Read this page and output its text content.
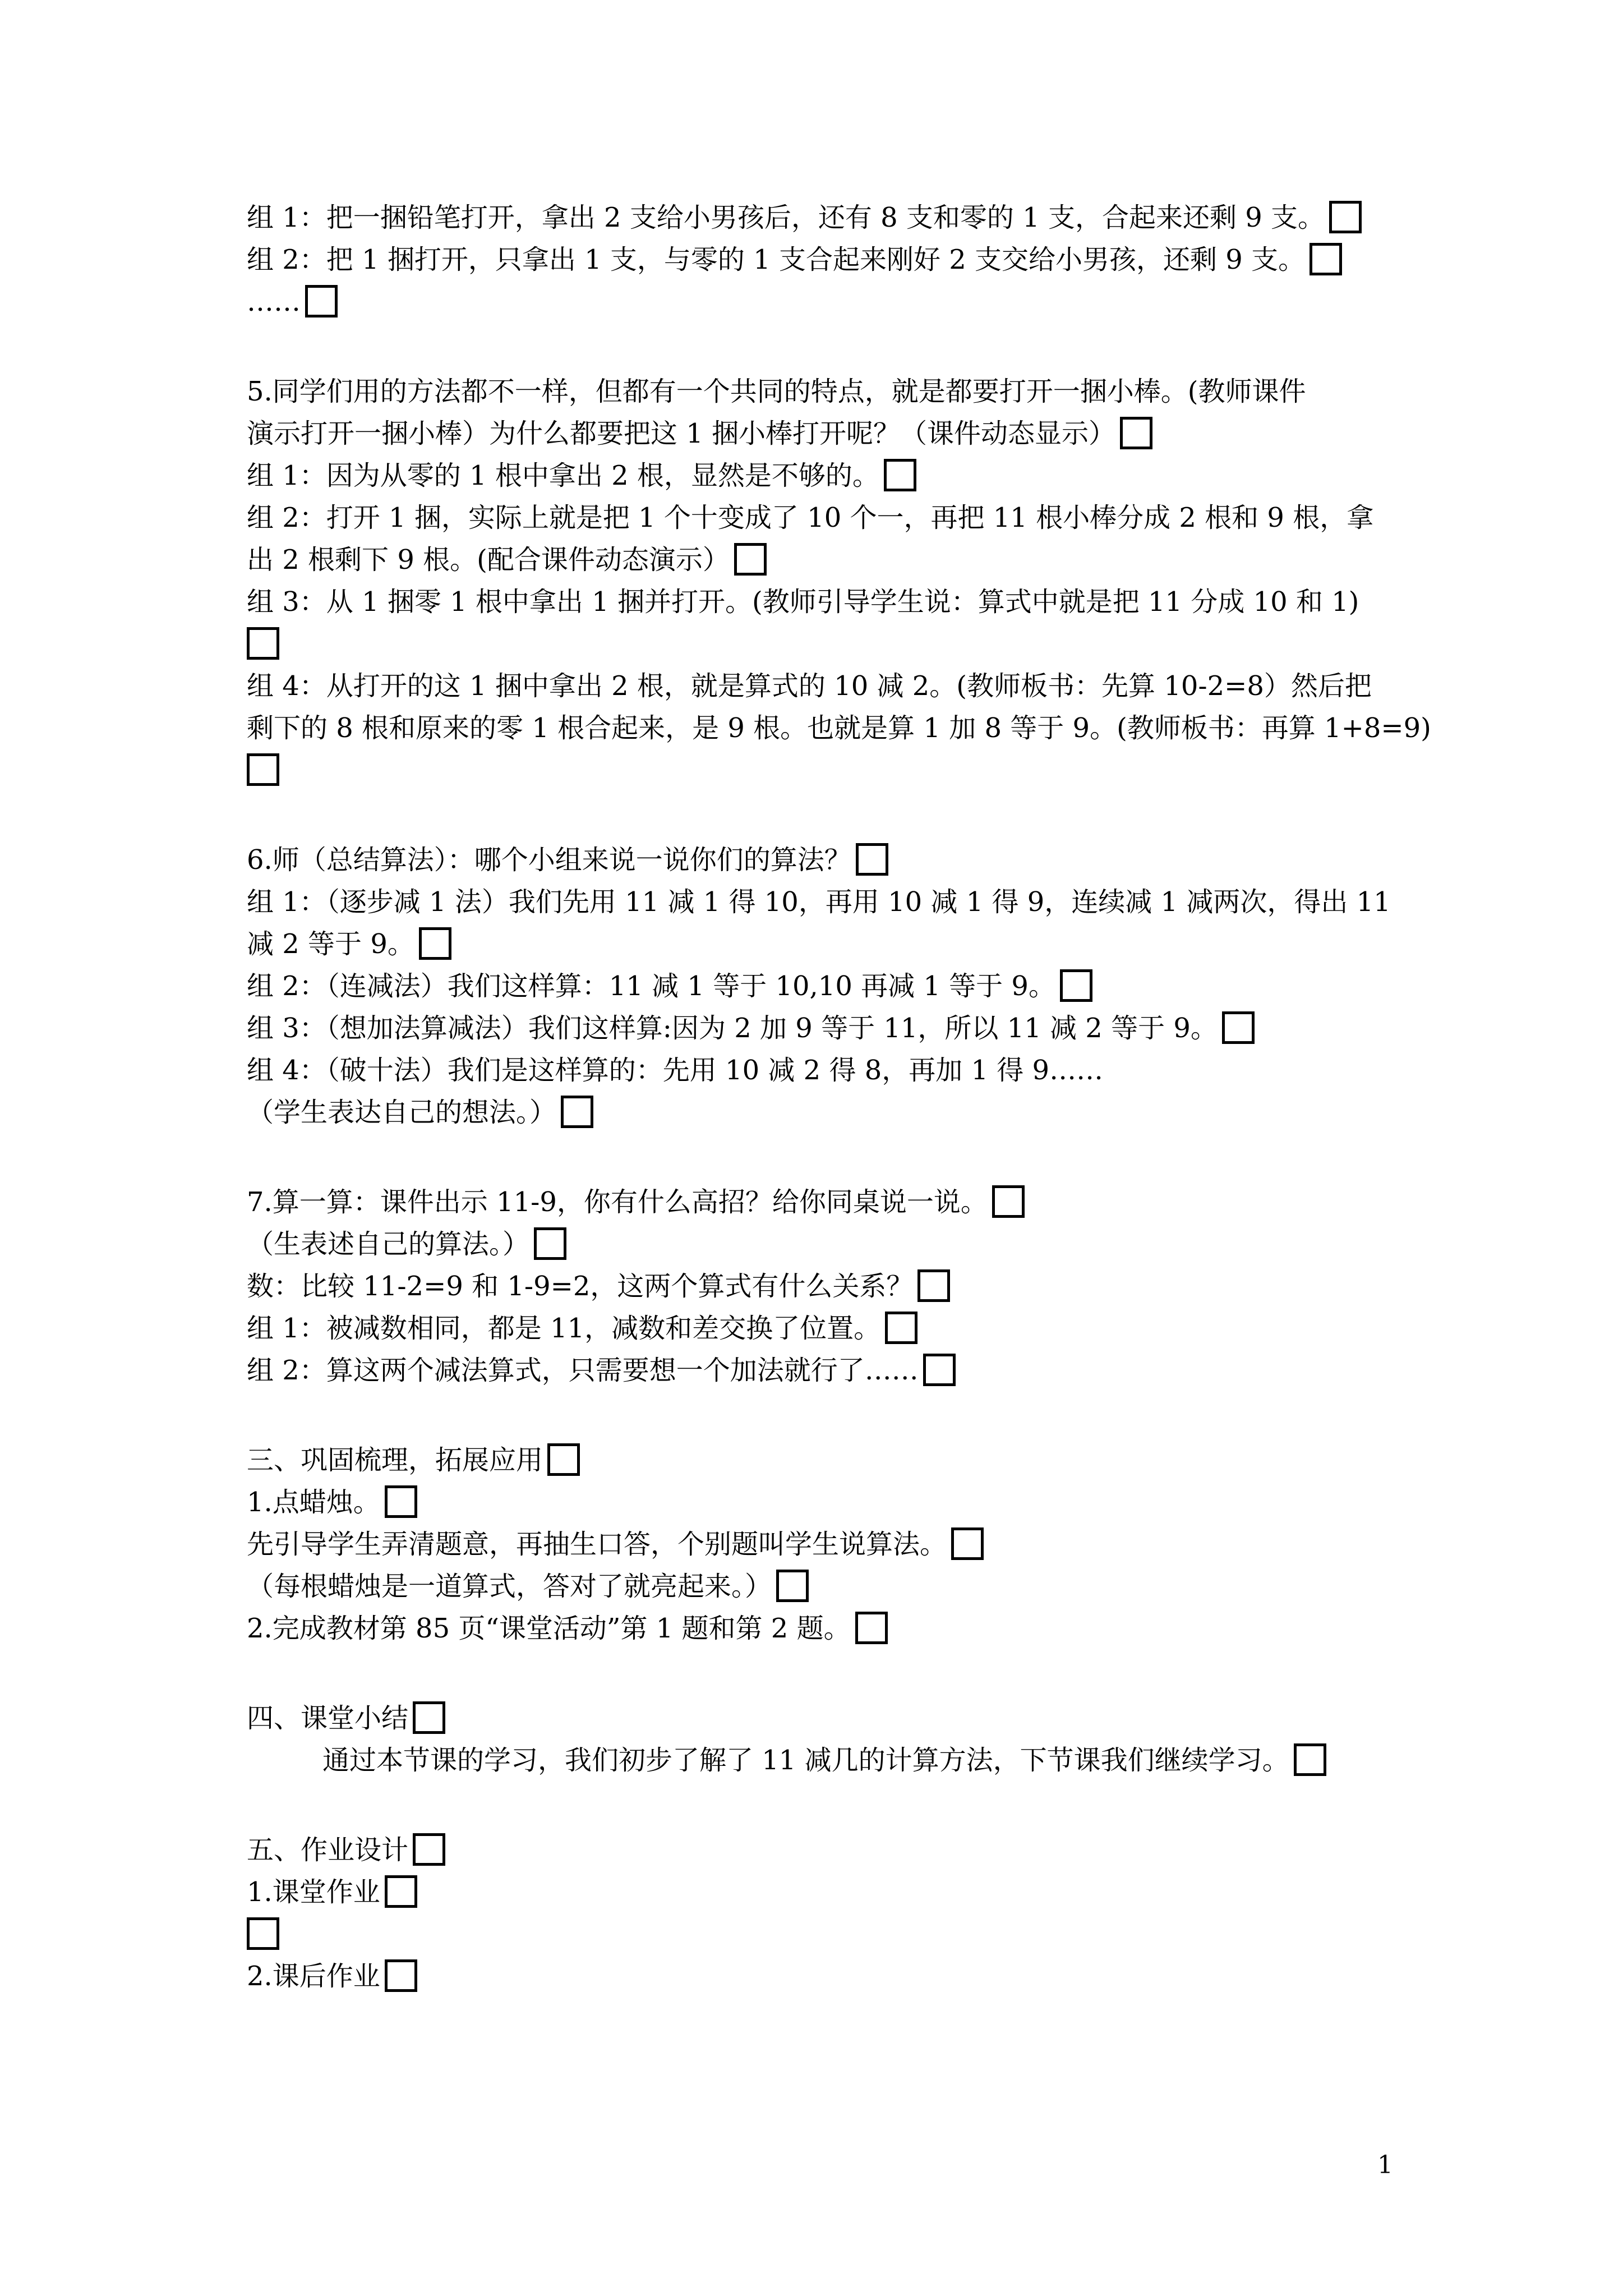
组 1：把一捆铅笔打开，拿出 2 支给小男孩后，还有 8 支和零的 1 支，合起来还剩 9 支。
组 2：把 1 捆打开，只拿出 1 支，与零的 1 支合起来刚好 2 支交给小男孩，还剩 9 支。
……
5.同学们用的方法都不一样，但都有一个共同的特点，就是都要打开一捆小棒。(教师课件
演示打开一捆小棒）为什么都要把这 1 捆小棒打开呢？（课件动态显示）
组 1：因为从零的 1 根中拿出 2 根，显然是不够的。
组 2：打开 1 捆，实际上就是把 1 个十变成了 10 个一，再把 11 根小棒分成 2 根和 9 根，拿
出 2 根剩下 9 根。(配合课件动态演示）
组 3：从 1 捆零 1 根中拿出 1 捆并打开。(教师引导学生说：算式中就是把 11 分成 10 和 1)
组 4：从打开的这 1 捆中拿出 2 根，就是算式的 10 减 2。(教师板书：先算 10-2=8）然后把
剩下的 8 根和原来的零 1 根合起来，是 9 根。也就是算 1 加 8 等于 9。(教师板书：再算 1+8=9)
6.师（总结算法）：哪个小组来说一说你们的算法？
组 1：（逐步减 1 法）我们先用 11 减 1 得 10，再用 10 减 1 得 9，连续减 1 减两次，得出 11
减 2 等于 9。
组 2：（连减法）我们这样算：11 减 1 等于 10,10 再减 1 等于 9。
组 3：（想加法算减法）我们这样算:因为 2 加 9 等于 11，所以 11 减 2 等于 9。
组 4：（破十法）我们是这样算的：先用 10 减 2 得 8，再加 1 得 9……
（学生表达自己的想法。）
7.算一算：课件出示 11-9，你有什么高招？给你同桌说一说。
（生表述自己的算法。）
数：比较 11-2=9 和 1-9=2，这两个算式有什么关系？
组 1：被减数相同，都是 11，减数和差交换了位置。
组 2：算这两个减法算式，只需要想一个加法就行了……
三、巩固梳理，拓展应用
1.点蜡烛。
先引导学生弄清题意，再抽生口答，个别题叫学生说算法。
（每根蜡烛是一道算式，答对了就亮起来。）
2.完成教材第 85 页“课堂活动”第 1 题和第 2 题。
四、课堂小结
通过本节课的学习，我们初步了解了 11 减几的计算方法，下节课我们继续学习。
五、作业设计
1.课堂作业
2.课后作业
1
